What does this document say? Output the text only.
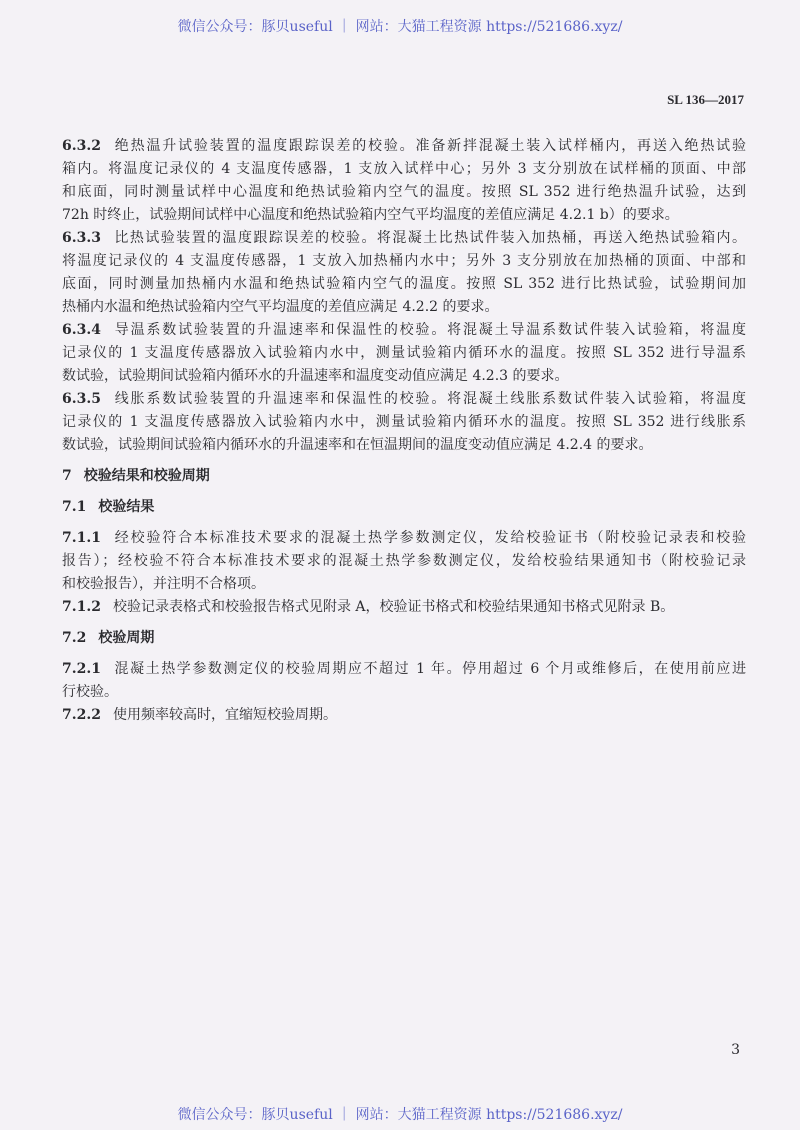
微信公众号：豚贝useful ｜ 网站：大猫工程资源 https://521686.xyz/
SL 136—2017
6.3.2 绝热温升试验装置的温度跟踪误差的校验。准备新拌混凝土装入试样桶内，再送入绝热试验
箱内。将温度记录仪的 4 支温度传感器，1 支放入试样中心；另外 3 支分别放在试样桶的顶面、中部
和底面，同时测量试样中心温度和绝热试验箱内空气的温度。按照 SL 352 进行绝热温升试验，达到
72h 时终止，试验期间试样中心温度和绝热试验箱内空气平均温度的差值应满足 4.2.1 b）的要求。
6.3.3 比热试验装置的温度跟踪误差的校验。将混凝土比热试件装入加热桶，再送入绝热试验箱内。
将温度记录仪的 4 支温度传感器，1 支放入加热桶内水中；另外 3 支分别放在加热桶的顶面、中部和
底面，同时测量加热桶内水温和绝热试验箱内空气的温度。按照 SL 352 进行比热试验，试验期间加
热桶内水温和绝热试验箱内空气平均温度的差值应满足 4.2.2 的要求。
6.3.4 导温系数试验装置的升温速率和保温性的校验。将混凝土导温系数试件装入试验箱，将温度
记录仪的 1 支温度传感器放入试验箱内水中，测量试验箱内循环水的温度。按照 SL 352 进行导温系
数试验，试验期间试验箱内循环水的升温速率和温度变动值应满足 4.2.3 的要求。
6.3.5 线胀系数试验装置的升温速率和保温性的校验。将混凝土线胀系数试件装入试验箱，将温度
记录仪的 1 支温度传感器放入试验箱内水中，测量试验箱内循环水的温度。按照 SL 352 进行线胀系
数试验，试验期间试验箱内循环水的升温速率和在恒温期间的温度变动值应满足 4.2.4 的要求。
7 校验结果和校验周期
7.1 校验结果
7.1.1 经校验符合本标准技术要求的混凝土热学参数测定仪，发给校验证书（附校验记录表和校验
报告）；经校验不符合本标准技术要求的混凝土热学参数测定仪，发给校验结果通知书（附校验记录
和校验报告），并注明不合格项。
7.1.2 校验记录表格式和校验报告格式见附录 A，校验证书格式和校验结果通知书格式见附录 B。
7.2 校验周期
7.2.1 混凝土热学参数测定仪的校验周期应不超过 1 年。停用超过 6 个月或维修后，在使用前应进
行校验。
7.2.2 使用频率较高时，宜缩短校验周期。
3
微信公众号：豚贝useful ｜ 网站：大猫工程资源 https://521686.xyz/
